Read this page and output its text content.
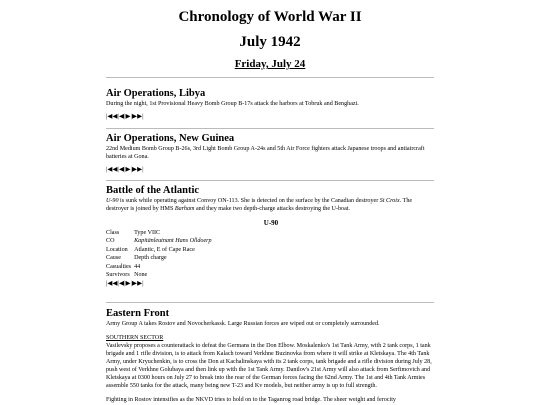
Chronology of World War II
July 1942
Friday, July 24
Air Operations, Libya

During the night, 1st Provisional Heavy Bomb Group B-17s attack the harbors at Tobruk and Benghazi.

|◀◀|◀|▶|▶▶|
Air Operations, New Guinea

22nd Medium Bomb Group B-26s, 3rd Light Bomb Group A-24s and 5th Air Force fighters attack Japanese troops and antiaircraft batteries at Gona.

|◀◀|◀|▶|▶▶|
Battle of the Atlantic

U-90 is sunk while operating against Convoy ON-113. She is detected on the surface by the Canadian destroyer St Croix. The destroyer is joined by HMS Barham and they make two depth-charge attacks destroying the U-boat.

U-90
Class	Type VIIC
CO	Kapitänleutnant Hans Olldoerp
Location	Atlantic, E of Cape Race
Cause	Depth charge
Casualties	44
Survivors	None
|◀◀|◀|▶|▶▶|
Eastern Front

Army Group A takes Rostov and Novocherkassk. Large Russian forces are wiped out or completely surrounded.

SOUTHERN SECTOR

Vasilevsky proposes a counterattack to defeat the Germans in the Don Elbow. Moskalenko's 1st Tank Army, with 2 tank corps, 1 tank brigade and 1 rifle division, is to attack from Kalach toward Verkhne Buzinovka from where it will strike at Kletskaya. The 4th Tank Army, under Kryuchenkin, is to cross the Don at Kachalinskaya with its 2 tank corps, tank brigade and a rifle division during July 28, push west of Verkhne Golubaya and then link up with the 1st Tank Army. Danilov's 21st Army will also attack from Serfimovich and Kletskaya at 0300 hours on July 27 to break into the rear of the German forces facing the 62nd Army. The 1st and 4th Tank Armies assemble 550 tanks for the attack, many being new T-23 and Kv models, but neither army is up to full strength.

Fighting in Rostov intensifies as the NKVD tries to hold on to the Taganrog road bridge. The sheer weight and ferocity
